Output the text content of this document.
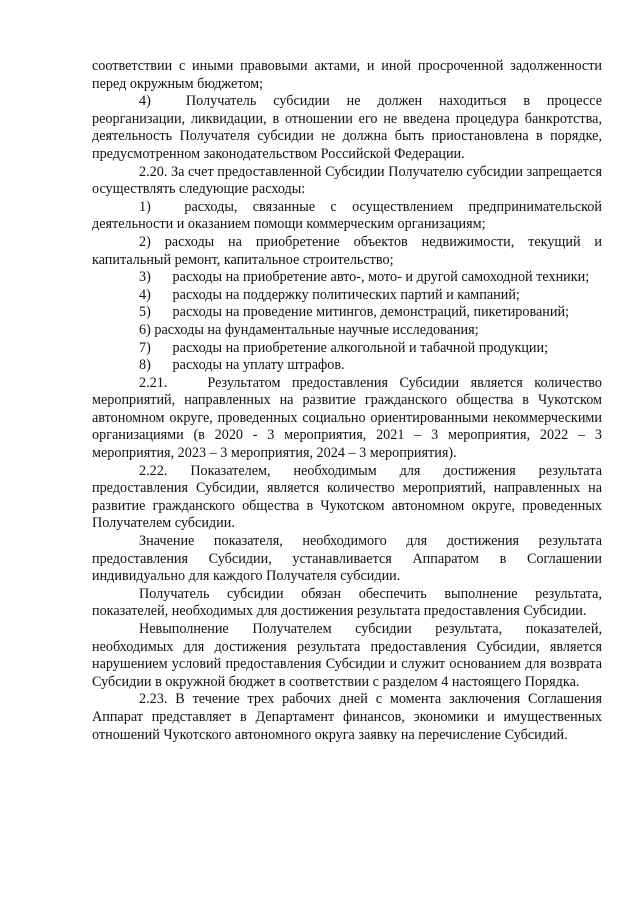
соответствии с иными правовыми актами, и иной просроченной задолженности перед окружным бюджетом;

4) Получатель субсидии не должен находиться в процессе реорганизации, ликвидации, в отношении его не введена процедура банкротства, деятельность Получателя субсидии не должна быть приостановлена в порядке, предусмотренном законодательством Российской Федерации.

2.20. За счет предоставленной Субсидии Получателю субсидии запрещается осуществлять следующие расходы:

1) расходы, связанные с осуществлением предпринимательской деятельности и оказанием помощи коммерческим организациям;

2) расходы на приобретение объектов недвижимости, текущий и капитальный ремонт, капитальное строительство;

3) расходы на приобретение авто-, мото- и другой самоходной техники;

4) расходы на поддержку политических партий и кампаний;

5) расходы на проведение митингов, демонстраций, пикетирований;

6) расходы на фундаментальные научные исследования;

7) расходы на приобретение алкогольной и табачной продукции;

8) расходы на уплату штрафов.

2.21.	Результатом предоставления Субсидии является количество мероприятий, направленных на развитие гражданского общества в Чукотском автономном округе, проведенных социально ориентированными некоммерческими организациями (в 2020 - 3 мероприятия, 2021 – 3 мероприятия, 2022 – 3 мероприятия, 2023 – 3 мероприятия, 2024 – 3 мероприятия).

2.22. Показателем, необходимым для достижения результата предоставления Субсидии, является количество мероприятий, направленных на развитие гражданского общества в Чукотском автономном округе, проведенных Получателем субсидии.

Значение показателя, необходимого для достижения результата предоставления Субсидии, устанавливается Аппаратом в Соглашении индивидуально для каждого Получателя субсидии.

Получатель субсидии обязан обеспечить выполнение результата, показателей, необходимых для достижения результата предоставления Субсидии.

Невыполнение Получателем субсидии результата, показателей, необходимых для достижения результата предоставления Субсидии, является нарушением условий предоставления Субсидии и служит основанием для возврата Субсидии в окружной бюджет в соответствии с разделом 4 настоящего Порядка.

2.23. В течение трех рабочих дней с момента заключения Соглашения Аппарат представляет в Департамент финансов, экономики и имущественных отношений Чукотского автономного округа заявку на перечисление Субсидий.
